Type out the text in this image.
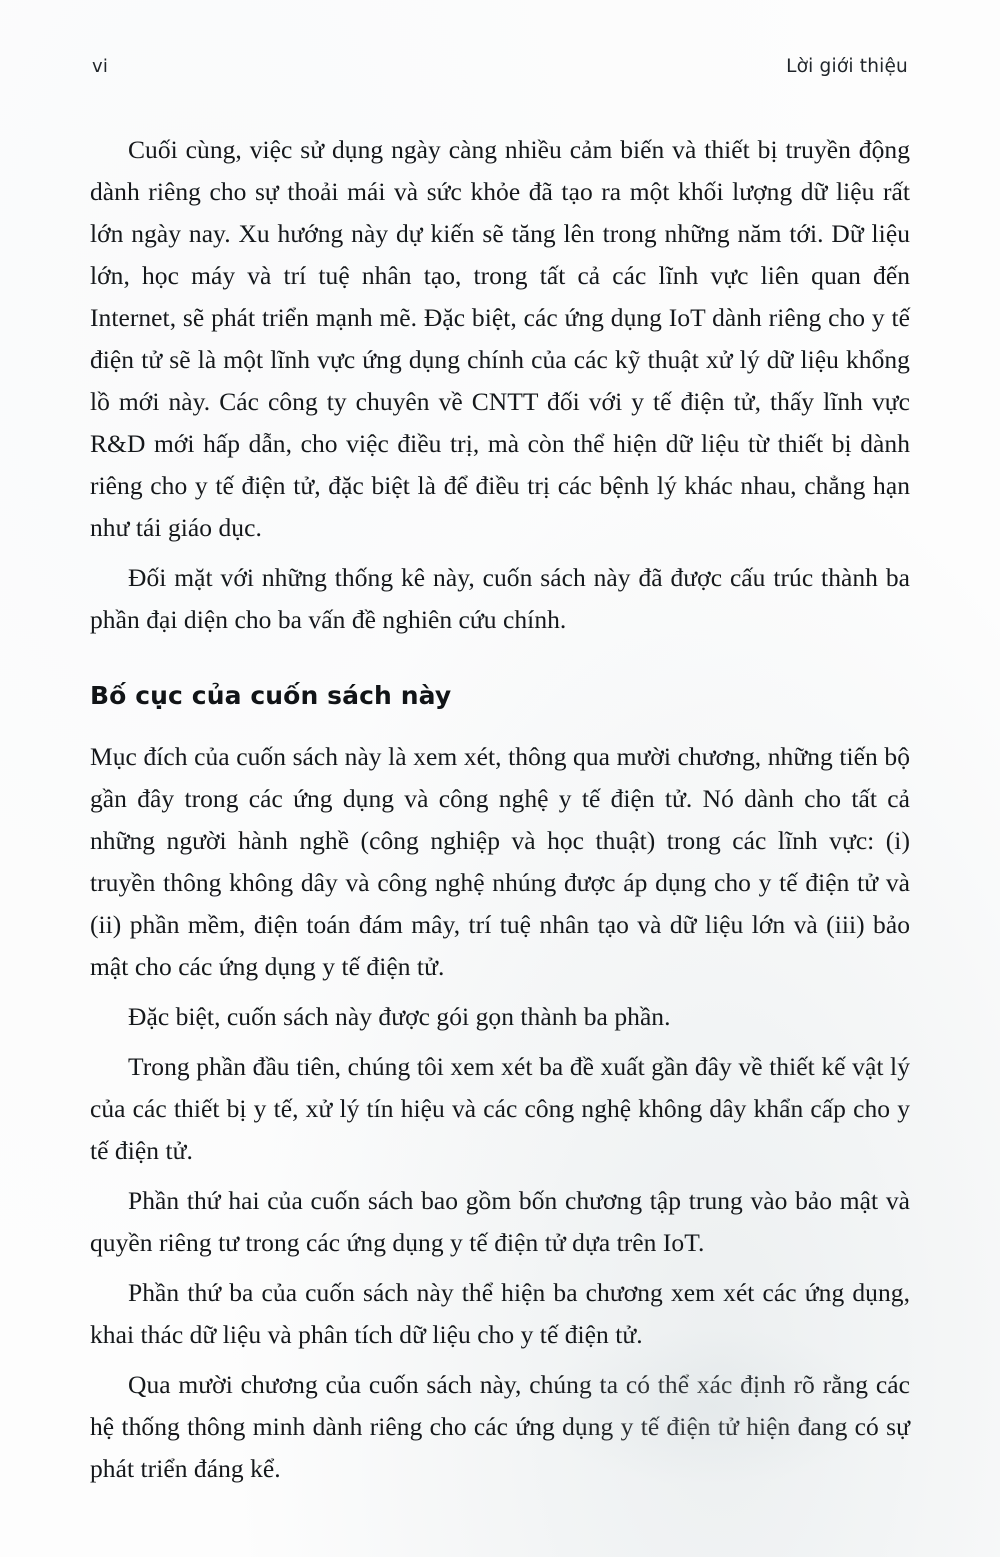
vi	Lời giới thiệu

Cuối cùng, việc sử dụng ngày càng nhiều cảm biến và thiết bị truyền động dành riêng cho sự thoải mái và sức khỏe đã tạo ra một khối lượng dữ liệu rất lớn ngày nay. Xu hướng này dự kiến sẽ tăng lên trong những năm tới. Dữ liệu lớn, học máy và trí tuệ nhân tạo, trong tất cả các lĩnh vực liên quan đến Internet, sẽ phát triển mạnh mẽ. Đặc biệt, các ứng dụng IoT dành riêng cho y tế điện tử sẽ là một lĩnh vực ứng dụng chính của các kỹ thuật xử lý dữ liệu khổng lồ mới này. Các công ty chuyên về CNTT đối với y tế điện tử, thấy lĩnh vực R&D mới hấp dẫn, cho việc điều trị, mà còn thể hiện dữ liệu từ thiết bị dành riêng cho y tế điện tử, đặc biệt là để điều trị các bệnh lý khác nhau, chẳng hạn như tái giáo dục.

Đối mặt với những thống kê này, cuốn sách này đã được cấu trúc thành ba phần đại diện cho ba vấn đề nghiên cứu chính.

Bố cục của cuốn sách này

Mục đích của cuốn sách này là xem xét, thông qua mười chương, những tiến bộ gần đây trong các ứng dụng và công nghệ y tế điện tử. Nó dành cho tất cả những người hành nghề (công nghiệp và học thuật) trong các lĩnh vực: (i) truyền thông không dây và công nghệ nhúng được áp dụng cho y tế điện tử và (ii) phần mềm, điện toán đám mây, trí tuệ nhân tạo và dữ liệu lớn và (iii) bảo mật cho các ứng dụng y tế điện tử.

Đặc biệt, cuốn sách này được gói gọn thành ba phần.

Trong phần đầu tiên, chúng tôi xem xét ba đề xuất gần đây về thiết kế vật lý của các thiết bị y tế, xử lý tín hiệu và các công nghệ không dây khẩn cấp cho y tế điện tử.

Phần thứ hai của cuốn sách bao gồm bốn chương tập trung vào bảo mật và quyền riêng tư trong các ứng dụng y tế điện tử dựa trên IoT.

Phần thứ ba của cuốn sách này thể hiện ba chương xem xét các ứng dụng, khai thác dữ liệu và phân tích dữ liệu cho y tế điện tử.

Qua mười chương của cuốn sách này, chúng ta có thể xác định rõ rằng các hệ thống thông minh dành riêng cho các ứng dụng y tế điện tử hiện đang có sự phát triển đáng kể.
